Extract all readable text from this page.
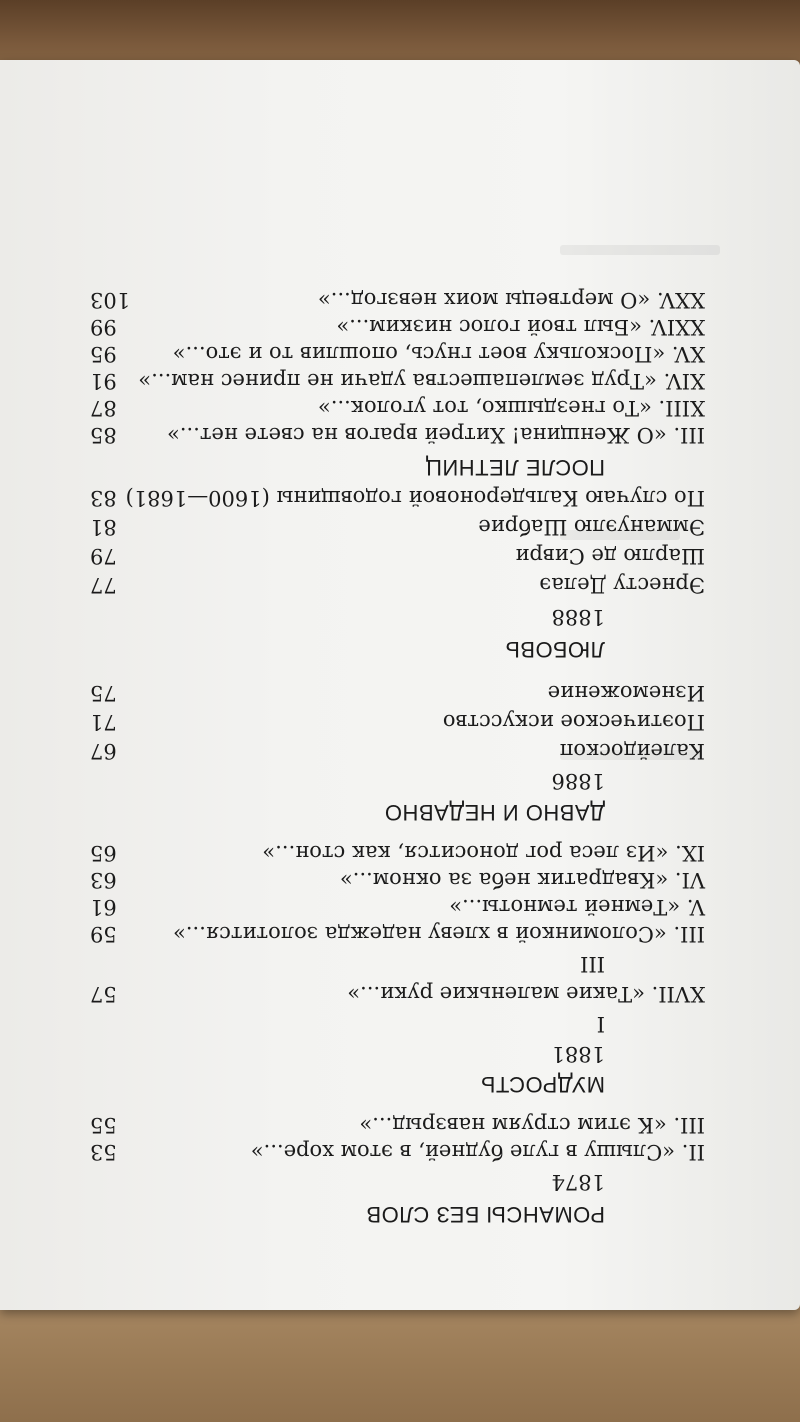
РОМАНСЫ БЕЗ СЛОВ
1874
II. «Слышу в гуле будней, в этом хоре...»
53
III. «К этим струям навзрыд...»
55
МУДРОСТЬ
1881
I
XVII. «Такие маленькие руки...»
57
III
III. «Соломинкой в хлеву надежда золотится...»
59
V. «Темней темноты...»
61
VI. «Квадратик неба за окном...»
63
IX. «Из леса рог доносится, как стон...»
65
ДАВНО И НЕДАВНО
1886
Калейдоскоп
67
Поэтическое искусство
71
Изнеможение
75
ЛЮБОВЬ
1888
Эрнесту Делаэ
77
Шарлю де Сиври
79
Эммануэлю Шабрие
81
По случаю Кальдероновой годовщины (1600—1681)
83
ПОСЛЕ ЛЕТНИЦ
III. «О Женщина! Хитрей врагов на свете нет...»
85
XIII. «То гнездышко, тот уголок...»
87
XIV. «Труд землепашества удачи не принес нам...»
91
XV. «Поскольку воет гнусь, опошлив то и это...»
95
XXIV. «Был твой голос низким...»
99
XXV. «О мертвецы моих невзгод...»
103
